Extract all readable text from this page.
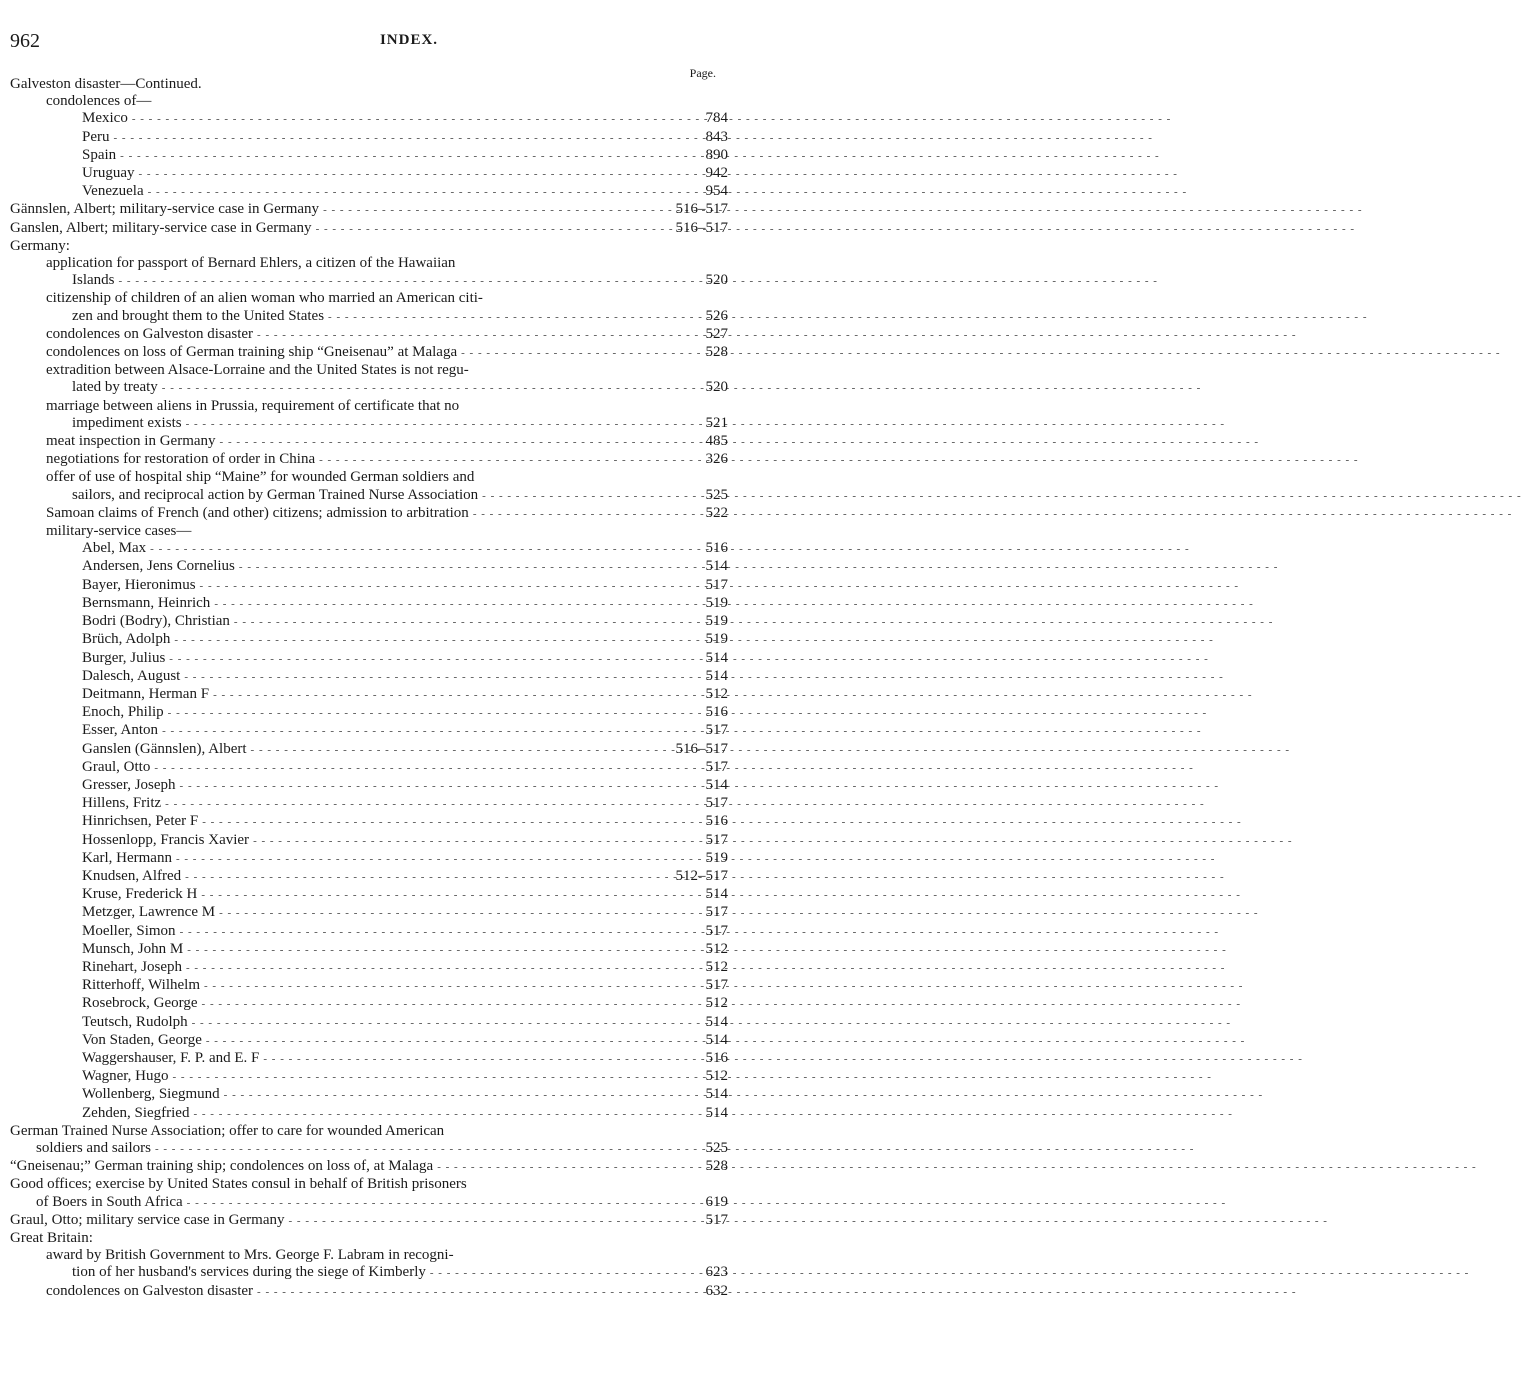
962	INDEX.
Page.
Galveston disaster—Continued.
condolences of—
Mexico - - -	784
Peru - - -	843
Spain - - -	890
Uruguay - - -	942
Venezuela - - -	954
Gännslen, Albert; military-service case in Germany - - -	516–517
Ganslen, Albert; military-service case in Germany - - -	516–517
Germany:
application for passport of Bernard Ehlers, a citizen of the Hawaiian
Islands - - -	520
citizenship of children of an alien woman who married an American citi-
zen and brought them to the United States - - -	526
condolences on Galveston disaster - - -	527
condolences on loss of German training ship “Gneisenau” at Malaga - - -	528
extradition between Alsace-Lorraine and the United States is not regu-
lated by treaty - - -	520
marriage between aliens in Prussia, requirement of certificate that no
impediment exists - - -	521
meat inspection in Germany - - -	485
negotiations for restoration of order in China - - -	326
offer of use of hospital ship “Maine” for wounded German soldiers and
sailors, and reciprocal action by German Trained Nurse Association - - -	525
Samoan claims of French (and other) citizens; admission to arbitration - - -	522
military-service cases—
Abel, Max - - -	516
Andersen, Jens Cornelius - - -	514
Bayer, Hieronimus - - -	517
Bernsmann, Heinrich - - -	519
Bodri (Bodry), Christian - - -	519
Brüch, Adolph - - -	519
Burger, Julius - - -	514
Dalesch, August - - -	514
Deitmann, Herman F - - -	512
Enoch, Philip - - -	516
Esser, Anton - - -	517
Ganslen (Gännslen), Albert - - -	516–517
Graul, Otto - - -	517
Gresser, Joseph - - -	514
Hillens, Fritz - - -	517
Hinrichsen, Peter F - - -	516
Hossenlopp, Francis Xavier - - -	517
Karl, Hermann - - -	519
Knudsen, Alfred - - -	512–517
Kruse, Frederick H - - -	514
Metzger, Lawrence M - - -	517
Moeller, Simon - - -	517
Munsch, John M - - -	512
Rinehart, Joseph - - -	512
Ritterhoff, Wilhelm - - -	517
Rosebrock, George - - -	512
Teutsch, Rudolph - - -	514
Von Staden, George - - -	514
Waggershauser, F. P. and E. F - - -	516
Wagner, Hugo - - -	512
Wollenberg, Siegmund - - -	514
Zehden, Siegfried - - -	514
German Trained Nurse Association; offer to care for wounded American
soldiers and sailors - - -	525
“Gneisenau;” German training ship; condolences on loss of, at Malaga - - -	528
Good offices; exercise by United States consul in behalf of British prisoners
of Boers in South Africa - - -	619
Graul, Otto; military service case in Germany - - -	517
Great Britain:
award by British Government to Mrs. George F. Labram in recogni-
tion of her husband's services during the siege of Kimberly - - -	623
condolences on Galveston disaster - - -	632
